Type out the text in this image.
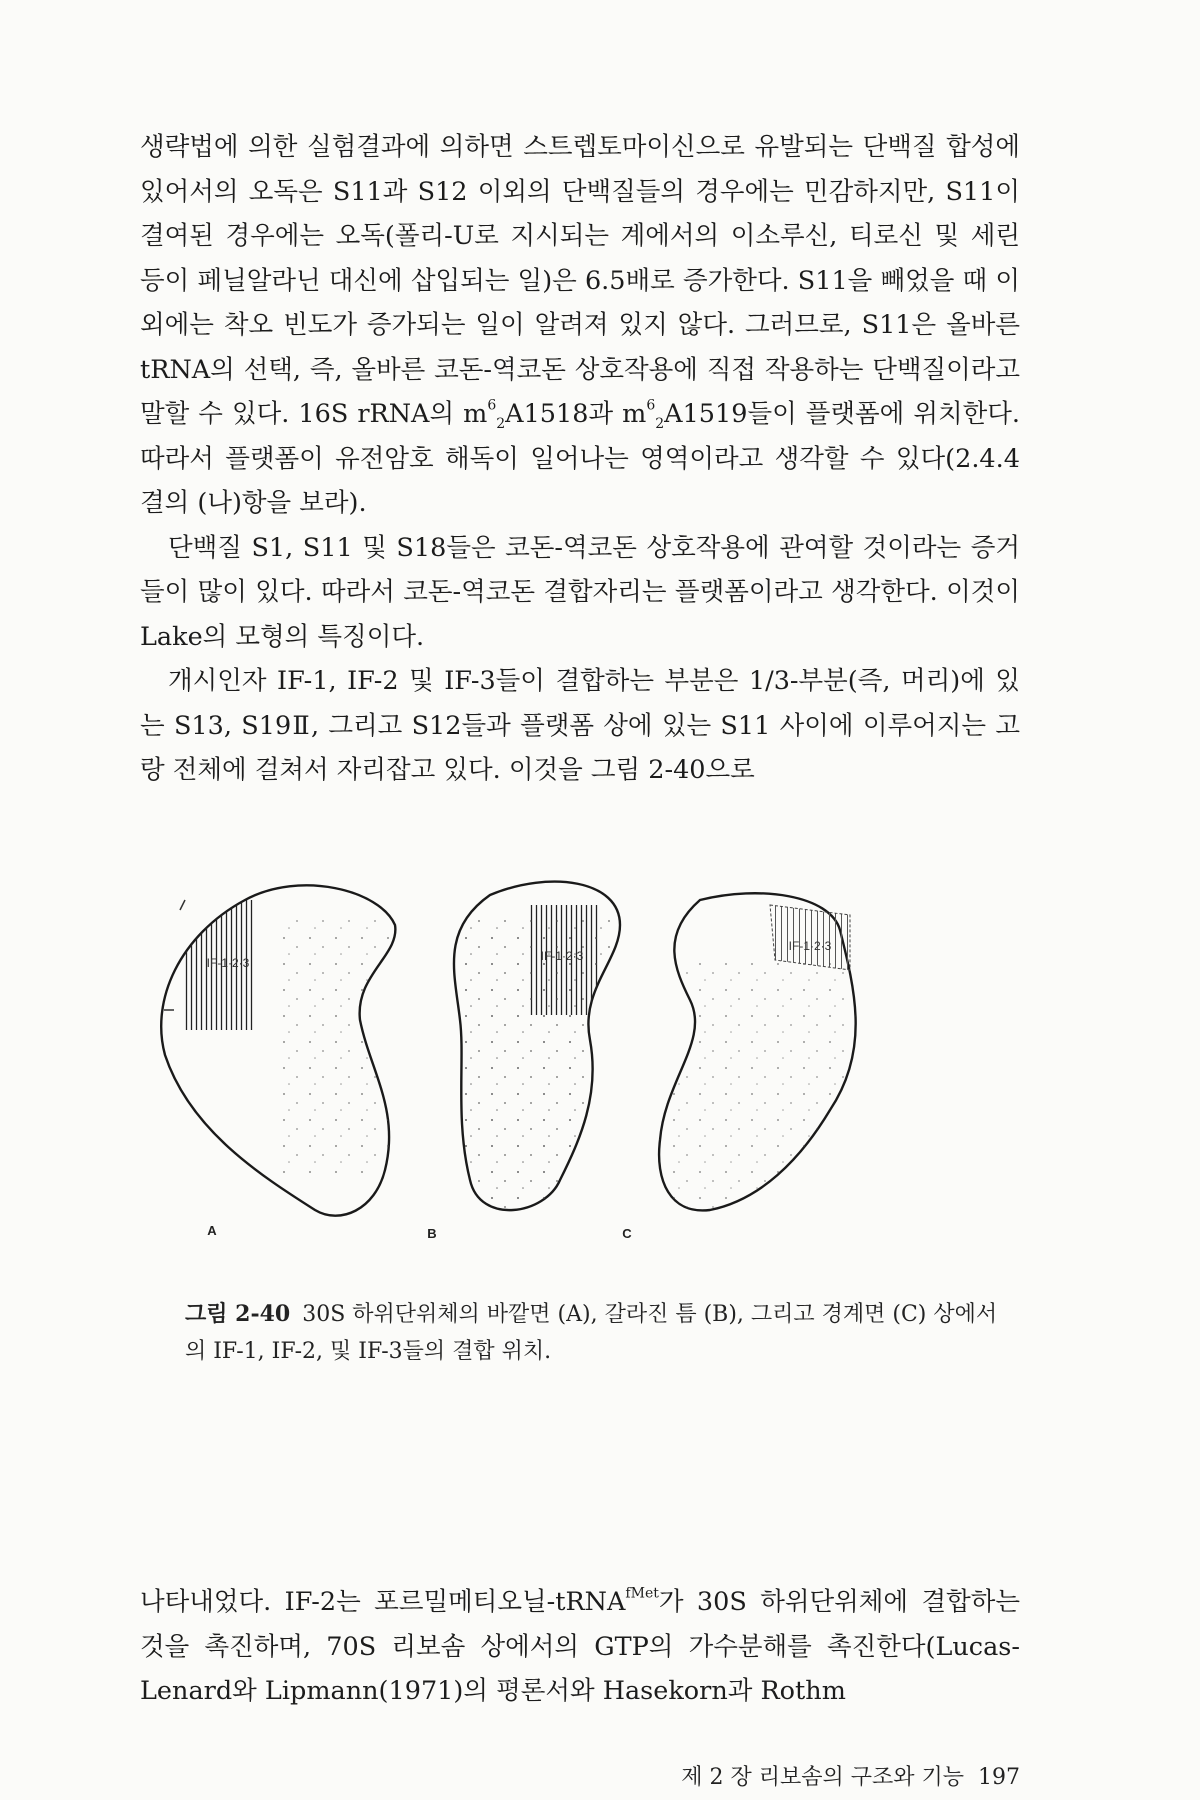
생략법에 의한 실험결과에 의하면 스트렙토마이신으로 유발되는 단백질 합성에 있어서의 오독은 S11과 S12 이외의 단백질들의 경우에는 민감하지만, S11이 결여된 경우에는 오독(폴리-U로 지시되는 계에서의 이소루신, 티로신 및 세린 등이 페닐알라닌 대신에 삽입되는 일)은 6.5배로 증가한다. S11을 빼었을 때 이외에는 착오 빈도가 증가되는 일이 알려져 있지 않다. 그러므로, S11은 올바른 tRNA의 선택, 즉, 올바른 코돈-역코돈 상호작용에 직접 작용하는 단백질이라고 말할 수 있다. 16S rRNA의 $m^6_2A1518$과 $m^6_2A1519$들이 플랫폼에 위치한다. 따라서 플랫폼이 유전암호 해독이 일어나는 영역이라고 생각할 수 있다(2.4.4 결의 (나)항을 보라).

단백질 S1, S11 및 S18들은 코돈-역코돈 상호작용에 관여할 것이라는 증거들이 많이 있다. 따라서 코돈-역코돈 결합자리는 플랫폼이라고 생각한다. 이것이 Lake의 모형의 특징이다.

개시인자 IF-1, IF-2 및 IF-3들이 결합하는 부분은 1/3-부분(즉, 머리)에 있는 S13, S19Ⅱ, 그리고 S12들과 플랫폼 상에 있는 S11 사이에 이루어지는 고랑 전체에 걸쳐서 자리잡고 있다. 이것을 그림 2-40으로

IF-1·2·3	IF-1·2·3
IF-1·2·3
A	B	C
그림 2-40 30S 하위단위체의 바깥면 (A), 갈라진 틈 (B), 그리고 경계면 (C) 상에서의 IF-1, IF-2, 및 IF-3들의 결합 위치.

나타내었다. IF-2는 포르밀메티오닐-tRNA$^{fMet}$가 30S 하위단위체에 결합하는 것을 촉진하며, 70S 리보솜 상에서의 GTP의 가수분해를 촉진한다(Lucas-Lenard와 Lipmann(1971)의 평론서와 Hasekorn과 Rothm

제 2 장 리보솜의 구조와 기능 197
